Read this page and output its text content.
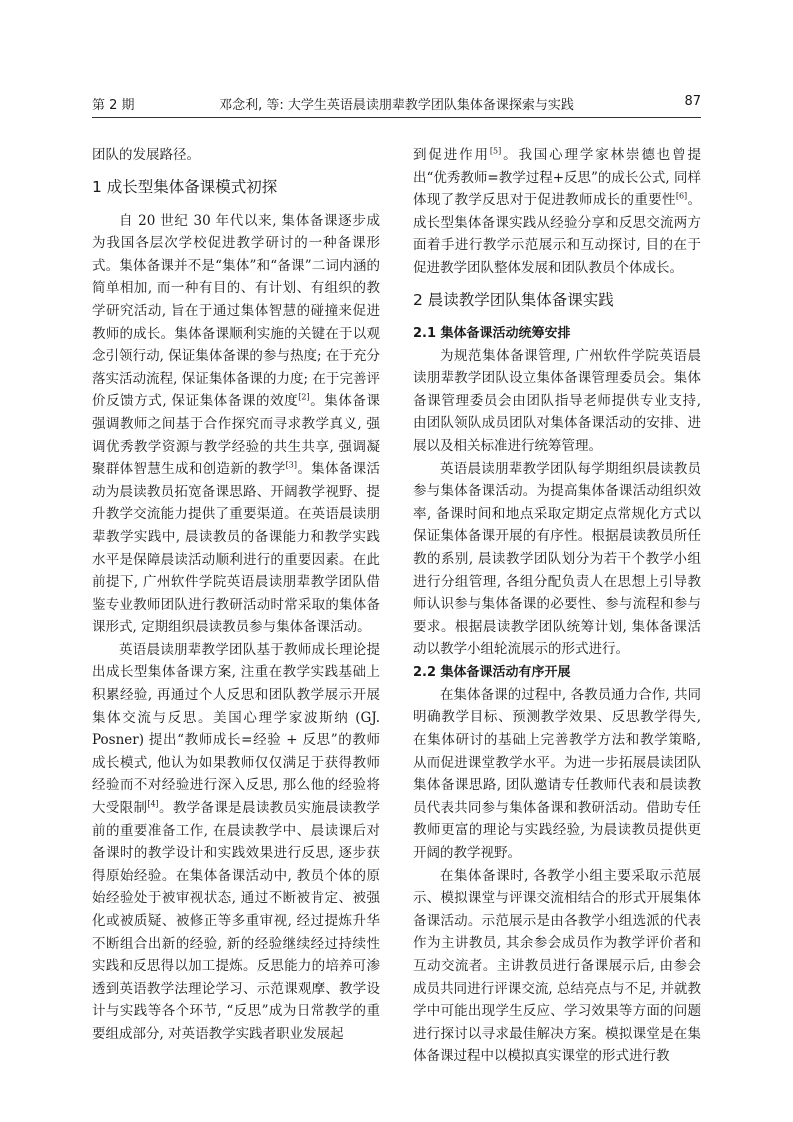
第 2 期	邓念利, 等: 大学生英语晨读朋辈教学团队集体备课探索与实践	87

团队的发展路径。

1 成长型集体备课模式初探

自 20 世纪 30 年代以来, 集体备课逐步成为我国各层次学校促进教学研讨的一种备课形式。集体备课并不是“集体”和“备课”二词内涵的简单相加, 而一种有目的、有计划、有组织的教学研究活动, 旨在于通过集体智慧的碰撞来促进教师的成长。集体备课顺利实施的关键在于以观念引领行动, 保证集体备课的参与热度; 在于充分落实活动流程, 保证集体备课的力度; 在于完善评价反馈方式, 保证集体备课的效度[2]。集体备课强调教师之间基于合作探究而寻求教学真义, 强调优秀教学资源与教学经验的共生共享, 强调凝聚群体智慧生成和创造新的教学[3]。集体备课活动为晨读教员拓宽备课思路、开阔教学视野、提升教学交流能力提供了重要渠道。在英语晨读朋辈教学实践中, 晨读教员的备课能力和教学实践水平是保障晨读活动顺利进行的重要因素。在此前提下, 广州软件学院英语晨读朋辈教学团队借鉴专业教师团队进行教研活动时常采取的集体备课形式, 定期组织晨读教员参与集体备课活动。

英语晨读朋辈教学团队基于教师成长理论提出成长型集体备课方案, 注重在教学实践基础上积累经验, 再通过个人反思和团队教学展示开展集体交流与反思。美国心理学家波斯纳 (GJ. Posner) 提出“教师成长=经验 + 反思”的教师成长模式, 他认为如果教师仅仅满足于获得教师经验而不对经验进行深入反思, 那么他的经验将大受限制[4]。教学备课是晨读教员实施晨读教学前的重要准备工作, 在晨读教学中、晨读课后对备课时的教学设计和实践效果进行反思, 逐步获得原始经验。在集体备课活动中, 教员个体的原始经验处于被审视状态, 通过不断被肯定、被强化或被质疑、被修正等多重审视, 经过提炼升华不断组合出新的经验, 新的经验继续经过持续性实践和反思得以加工提炼。反思能力的培养可渗透到英语教学法理论学习、示范课观摩、教学设计与实践等各个环节, “反思”成为日常教学的重要组成部分, 对英语教学实践者职业发展起

到促进作用[5]。我国心理学家林崇德也曾提出“优秀教师=教学过程+反思”的成长公式, 同样体现了教学反思对于促进教师成长的重要性[6]。成长型集体备课实践从经验分享和反思交流两方面着手进行教学示范展示和互动探讨, 目的在于促进教学团队整体发展和团队教员个体成长。

2 晨读教学团队集体备课实践
2.1 集体备课活动统筹安排

为规范集体备课管理, 广州软件学院英语晨读朋辈教学团队设立集体备课管理委员会。集体备课管理委员会由团队指导老师提供专业支持, 由团队领队成员团队对集体备课活动的安排、进展以及相关标准进行统筹管理。

英语晨读朋辈教学团队每学期组织晨读教员参与集体备课活动。为提高集体备课活动组织效率, 备课时间和地点采取定期定点常规化方式以保证集体备课开展的有序性。根据晨读教员所任教的系别, 晨读教学团队划分为若干个教学小组进行分组管理, 各组分配负责人在思想上引导教师认识参与集体备课的必要性、参与流程和参与要求。根据晨读教学团队统筹计划, 集体备课活动以教学小组轮流展示的形式进行。

2.2 集体备课活动有序开展

在集体备课的过程中, 各教员通力合作, 共同明确教学目标、预测教学效果、反思教学得失, 在集体研讨的基础上完善教学方法和教学策略, 从而促进课堂教学水平。为进一步拓展晨读团队集体备课思路, 团队邀请专任教师代表和晨读教员代表共同参与集体备课和教研活动。借助专任教师更富的理论与实践经验, 为晨读教员提供更开阔的教学视野。

在集体备课时, 各教学小组主要采取示范展示、模拟课堂与评课交流相结合的形式开展集体备课活动。示范展示是由各教学小组选派的代表作为主讲教员, 其余参会成员作为教学评价者和互动交流者。主讲教员进行备课展示后, 由参会成员共同进行评课交流, 总结亮点与不足, 并就教学中可能出现学生反应、学习效果等方面的问题进行探讨以寻求最佳解决方案。模拟课堂是在集体备课过程中以模拟真实课堂的形式进行教
